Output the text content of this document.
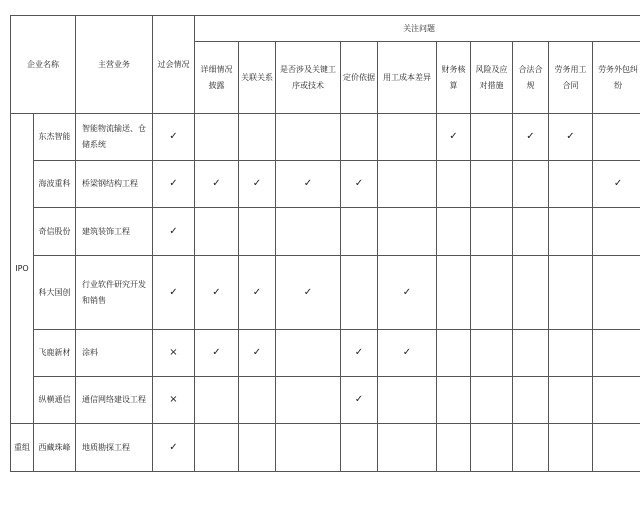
企业名称		主营业务	过会情况	关注问题									
				详细情况披露	关联关系	是否涉及关键工序或技术	定价依据	用工成本差异	财务核算	风险及应对措施	合法合规	劳务用工合同	劳务外包纠纷
IPO	东杰智能	智能物流输送、仓储系统	✓						✓		✓	✓	
	海波重科	桥梁钢结构工程	✓	✓	✓	✓	✓						✓
	奇信股份	建筑装饰工程	✓										
	科大国创	行业软件研究开发和销售	✓	✓	✓	✓		✓					
	飞鹿新材	涂料	×	✓	✓		✓	✓					
	纵横通信	通信网络建设工程	×				✓						
重组	西藏珠峰	地质勘探工程	✓										
